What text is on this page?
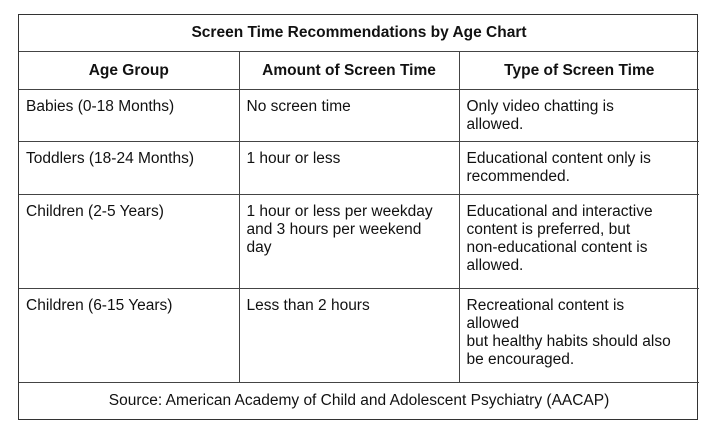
Screen Time Recommendations by Age Chart		
Age Group	Amount of Screen Time	Type of Screen Time
Babies (0-18 Months)	No screen time	Only video chatting is
allowed.

Toddlers (18-24 Months)	1 hour or less	Educational content only is
recommended.

Children (2-5 Years)	1 hour or less per weekday
and 3 hours per weekend
day	Educational and interactive
content is preferred, but
non-educational content is
allowed.

Children (6-15 Years)	Less than 2 hours	Recreational content is
allowed
but healthy habits should also
be encouraged.

Source: American Academy of Child and Adolescent Psychiatry (AACAP)		
